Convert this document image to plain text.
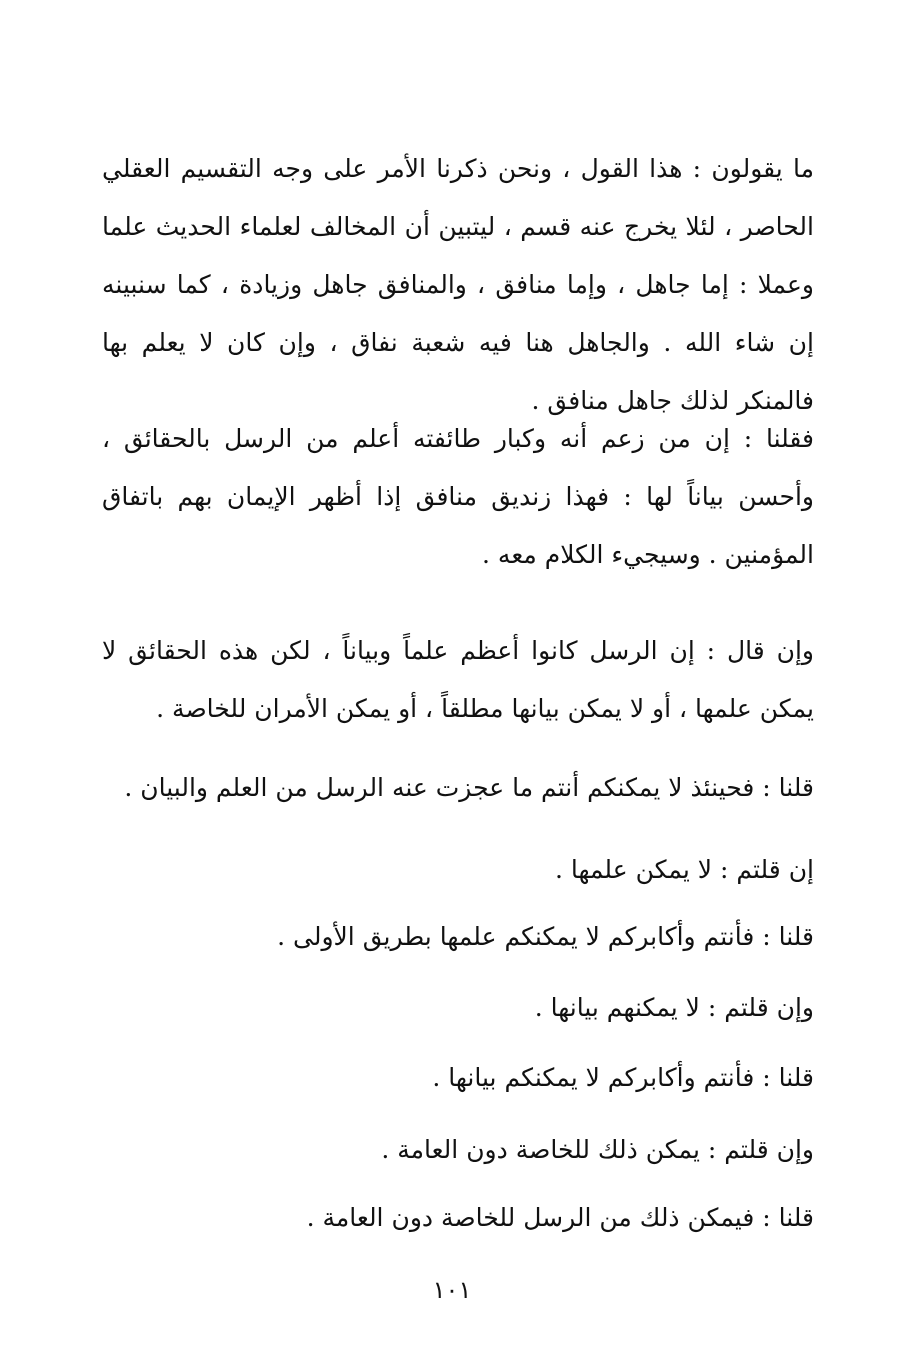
ما يقولون : هذا القول ، ونحن ذكرنا الأمر على وجه التقسيم العقلي الحاصر ، لئلا يخرج عنه قسم ، ليتبين أن المخالف لعلماء الحديث علما وعملا : إما جاهل ، وإما منافق ، والمنافق جاهل وزيادة ، كما سنبينه إن شاء الله . والجاهل هنا فيه شعبة نفاق ، وإن كان لا يعلم بها فالمنكر لذلك جاهل منافق .

فقلنا : إن من زعم أنه وكبار طائفته أعلم من الرسل بالحقائق ، وأحسن بياناً لها : فهذا زنديق منافق إذا أظهر الإيمان بهم باتفاق المؤمنين . وسيجيء الكلام معه .

وإن قال : إن الرسل كانوا أعظم علماً وبياناً ، لكن هذه الحقائق لا يمكن علمها ، أو لا يمكن بيانها مطلقاً ، أو يمكن الأمران للخاصة .

قلنا : فحينئذ لا يمكنكم أنتم ما عجزت عنه الرسل من العلم والبيان .
إن قلتم : لا يمكن علمها .
قلنا : فأنتم وأكابركم لا يمكنكم علمها بطريق الأولى .
وإن قلتم : لا يمكنهم بيانها .
قلنا : فأنتم وأكابركم لا يمكنكم بيانها .
وإن قلتم : يمكن ذلك للخاصة دون العامة .
قلنا : فيمكن ذلك من الرسل للخاصة دون العامة .
١٠١
